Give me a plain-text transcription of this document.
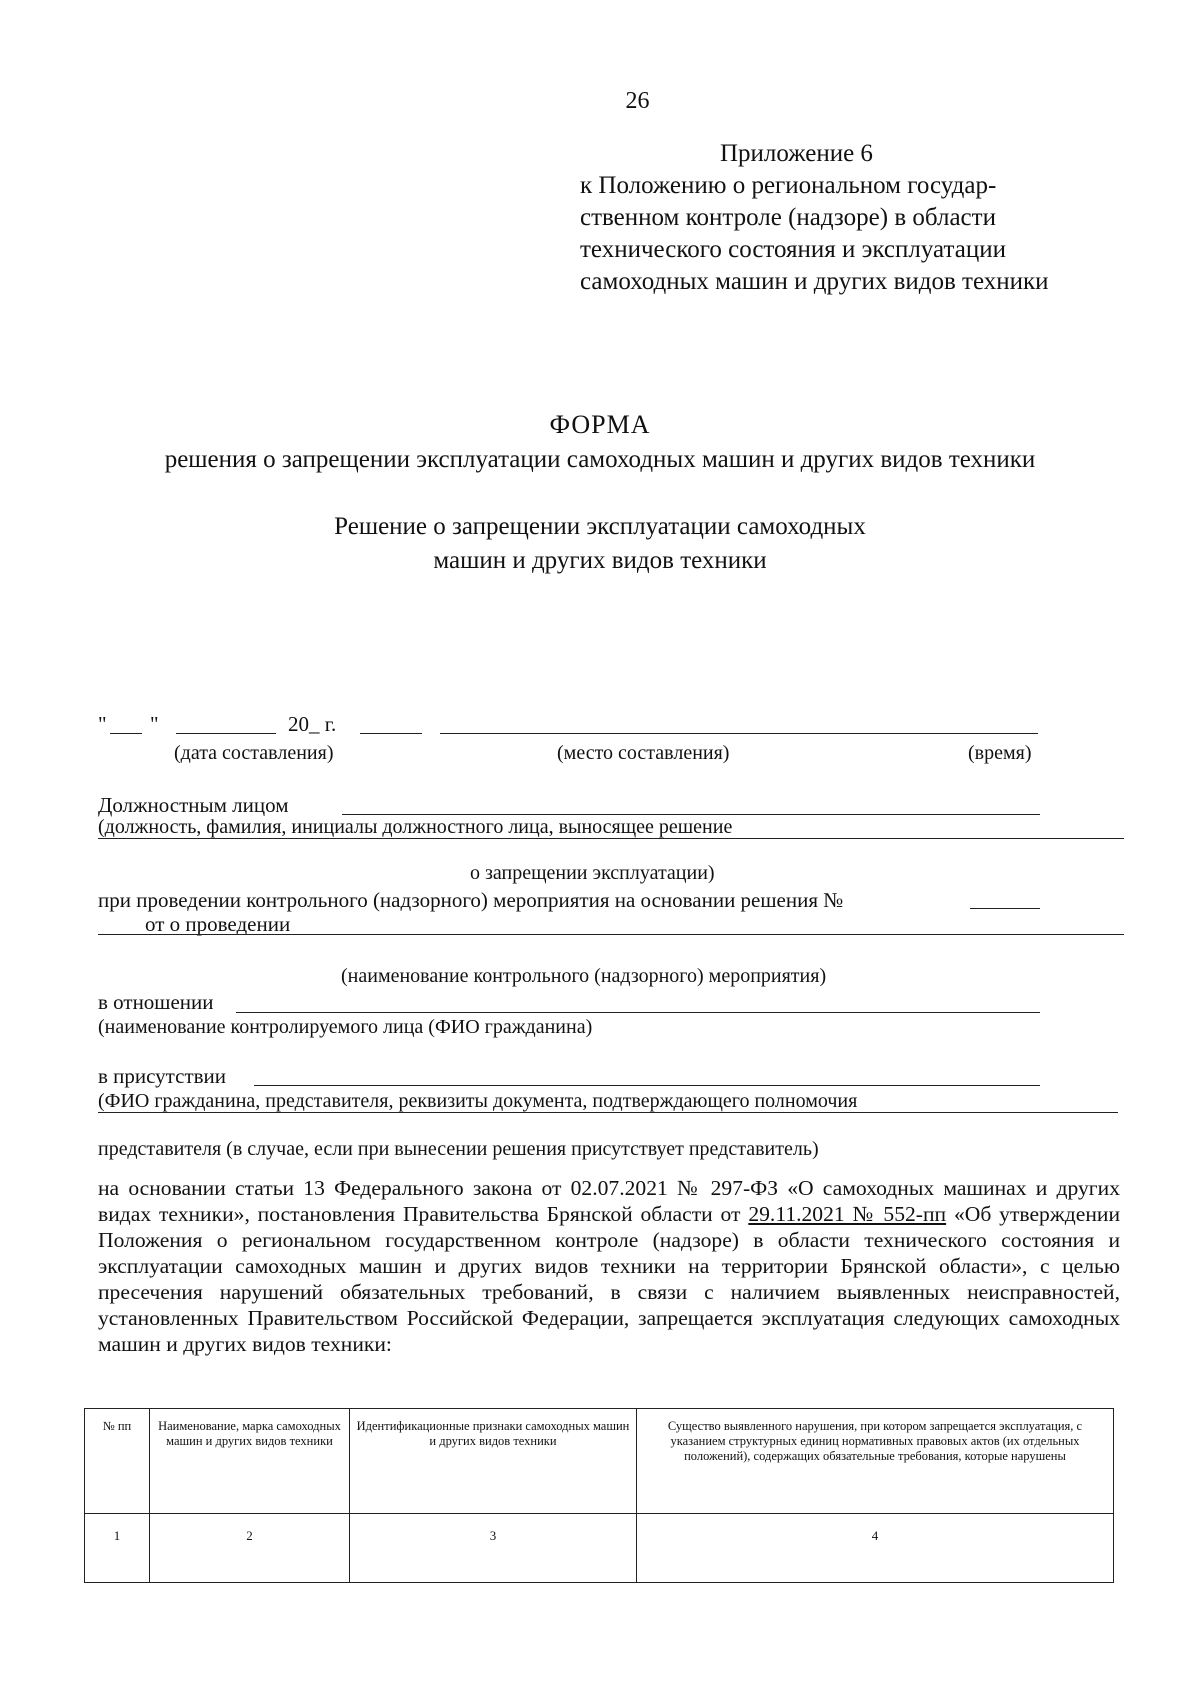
26
Приложение 6
к Положению о региональном государ-
ственном контроле (надзоре) в области
технического состояния и эксплуатации
самоходных машин и других видов техники
ФОРМА
решения о запрещении эксплуатации самоходных машин и других видов техники
Решение о запрещении эксплуатации самоходных
машин и других видов техники
" "	20_ г.
(дата составления)	(место составления)	(время)
Должностным лицом
(должность, фамилия, инициалы должностного лица, выносящее решение
о запрещении эксплуатации)
при проведении контрольного (надзорного) мероприятия на основании решения №
от о проведении
(наименование контрольного (надзорного) мероприятия)
в отношении
(наименование контролируемого лица (ФИО гражданина)
в присутствии
(ФИО гражданина, представителя, реквизиты документа, подтверждающего полномочия
представителя (в случае, если при вынесении решения присутствует представитель)
на основании статьи 13 Федерального закона от 02.07.2021 № 297-ФЗ «О самоходных машинах и других видах техники», постановления Правительства Брянской области от 29.11.2021 № 552-пп «Об утверждении Положения о региональном государственном контроле (надзоре) в области технического состояния и эксплуатации самоходных машин и других видов техники на территории Брянской области», с целью пресечения нарушений обязательных требований, в связи с наличием выявленных неисправностей, установленных Правительством Российской Федерации, запрещается эксплуатация следующих самоходных машин и других видов техники:
№ пп	Наименование, марка самоходных машин и других видов техники	Идентификационные признаки самоходных машин и других видов техники	Существо выявленного нарушения, при котором запрещается эксплуатация, с указанием структурных единиц нормативных правовых актов (их отдельных положений), содержащих обязательные требования, которые нарушены
1	2	3	4
